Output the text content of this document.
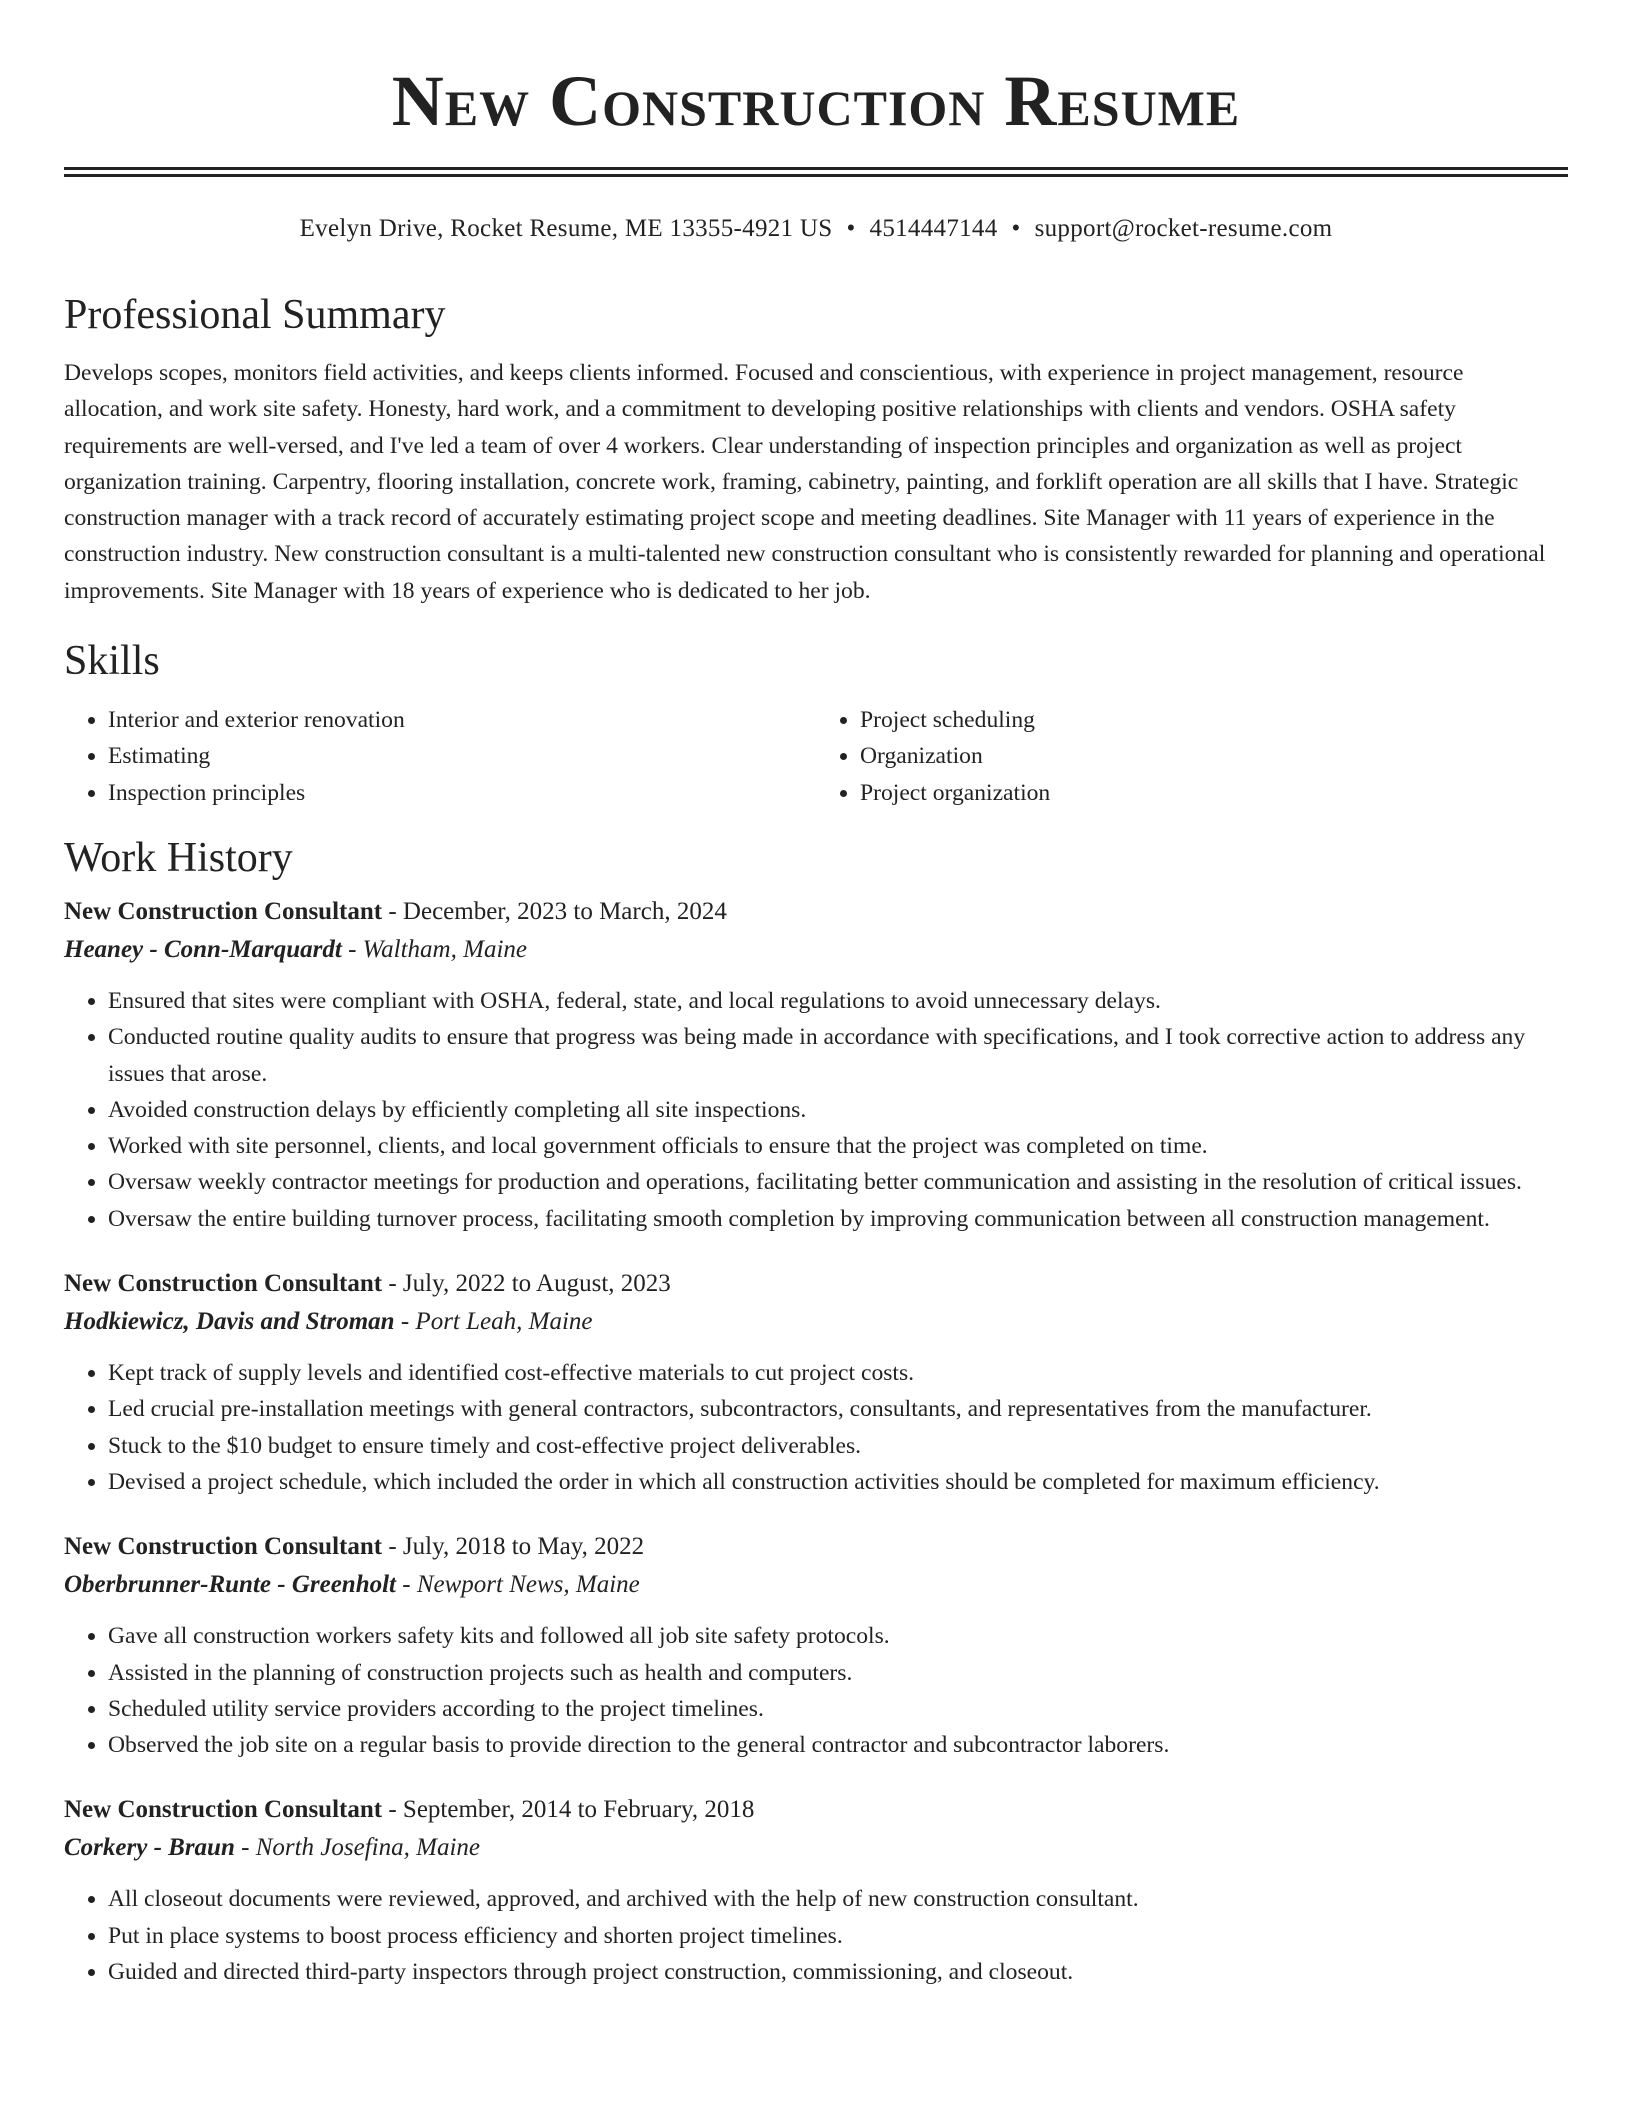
New Construction Resume
Evelyn Drive, Rocket Resume, ME 13355-4921 US • 4514447144 • support@rocket-resume.com
Professional Summary

Develops scopes, monitors field activities, and keeps clients informed. Focused and conscientious, with experience in project management, resource allocation, and work site safety. Honesty, hard work, and a commitment to developing positive relationships with clients and vendors. OSHA safety requirements are well-versed, and I've led a team of over 4 workers. Clear understanding of inspection principles and organization as well as project organization training. Carpentry, flooring installation, concrete work, framing, cabinetry, painting, and forklift operation are all skills that I have. Strategic construction manager with a track record of accurately estimating project scope and meeting deadlines. Site Manager with 11 years of experience in the construction industry. New construction consultant is a multi-talented new construction consultant who is consistently rewarded for planning and operational improvements. Site Manager with 18 years of experience who is dedicated to her job.

Skills
• Interior and exterior renovation
• Estimating
• Inspection principles
• Project scheduling
• Organization
• Project organization
Work History
New Construction Consultant - December, 2023 to March, 2024
Heaney - Conn-Marquardt - Waltham, Maine
• Ensured that sites were compliant with OSHA, federal, state, and local regulations to avoid unnecessary delays.
• Conducted routine quality audits to ensure that progress was being made in accordance with specifications, and I took corrective action to address any issues that arose.
• Avoided construction delays by efficiently completing all site inspections.
• Worked with site personnel, clients, and local government officials to ensure that the project was completed on time.
• Oversaw weekly contractor meetings for production and operations, facilitating better communication and assisting in the resolution of critical issues.
• Oversaw the entire building turnover process, facilitating smooth completion by improving communication between all construction management.
New Construction Consultant - July, 2022 to August, 2023
Hodkiewicz, Davis and Stroman - Port Leah, Maine
• Kept track of supply levels and identified cost-effective materials to cut project costs.
• Led crucial pre-installation meetings with general contractors, subcontractors, consultants, and representatives from the manufacturer.
• Stuck to the $10 budget to ensure timely and cost-effective project deliverables.
• Devised a project schedule, which included the order in which all construction activities should be completed for maximum efficiency.
New Construction Consultant - July, 2018 to May, 2022
Oberbrunner-Runte - Greenholt - Newport News, Maine
• Gave all construction workers safety kits and followed all job site safety protocols.
• Assisted in the planning of construction projects such as health and computers.
• Scheduled utility service providers according to the project timelines.
• Observed the job site on a regular basis to provide direction to the general contractor and subcontractor laborers.
New Construction Consultant - September, 2014 to February, 2018
Corkery - Braun - North Josefina, Maine
• All closeout documents were reviewed, approved, and archived with the help of new construction consultant.
• Put in place systems to boost process efficiency and shorten project timelines.
• Guided and directed third-party inspectors through project construction, commissioning, and closeout.
